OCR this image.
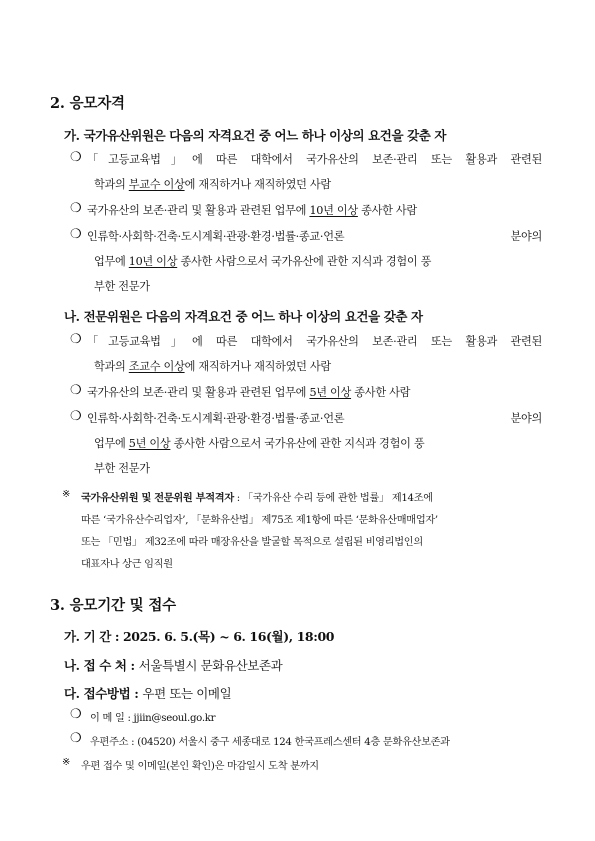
2. 응모자격
가. 국가유산위원은 다음의 자격요건 중 어느 하나 이상의 요건을 갖춘 자
❍ 「고등교육법」에 따른 대학에서 국가유산의 보존·관리 또는 활용과 관련된
학과의 부교수 이상에 재직하거나 재직하였던 사람
❍ 국가유산의 보존·관리 및 활용과 관련된 업무에 10년 이상 종사한 사람
❍ 인류학·사회학·건축·도시계획·관광·환경·법률·종교·언론 분야의
업무에 10년 이상 종사한 사람으로서 국가유산에 관한 지식과 경험이 풍
부한 전문가
나. 전문위원은 다음의 자격요건 중 어느 하나 이상의 요건을 갖춘 자
❍ 「고등교육법」에 따른 대학에서 국가유산의 보존·관리 또는 활용과 관련된
학과의 조교수 이상에 재직하거나 재직하였던 사람
❍ 국가유산의 보존·관리 및 활용과 관련된 업무에 5년 이상 종사한 사람
❍ 인류학·사회학·건축·도시계획·관광·환경·법률·종교·언론 분야의
업무에 5년 이상 종사한 사람으로서 국가유산에 관한 지식과 경험이 풍
부한 전문가
※ 국가유산위원 및 전문위원 부적격자 : 「국가유산 수리 등에 관한 법률」 제14조에
따른 ‘국가유산수리업자’, 「문화유산법」 제75조 제1항에 따른 ‘문화유산매매업자’
또는 「민법」 제32조에 따라 매장유산을 발굴할 목적으로 설립된 비영리법인의
대표자나 상근 임직원
3. 응모기간 및 접수
가. 기 간 : 2025. 6. 5.(목) ~ 6. 16(월), 18:00
나. 접 수 처 : 서울특별시 문화유산보존과
다. 접수방법 : 우편 또는 이메일
❍ 이 메 일 : jjiin@seoul.go.kr
❍ 우편주소 : (04520) 서울시 중구 세종대로 124 한국프레스센터 4층 문화유산보존과
※ 우편 접수 및 이메일(본인 확인)은 마감일시 도착 분까지
